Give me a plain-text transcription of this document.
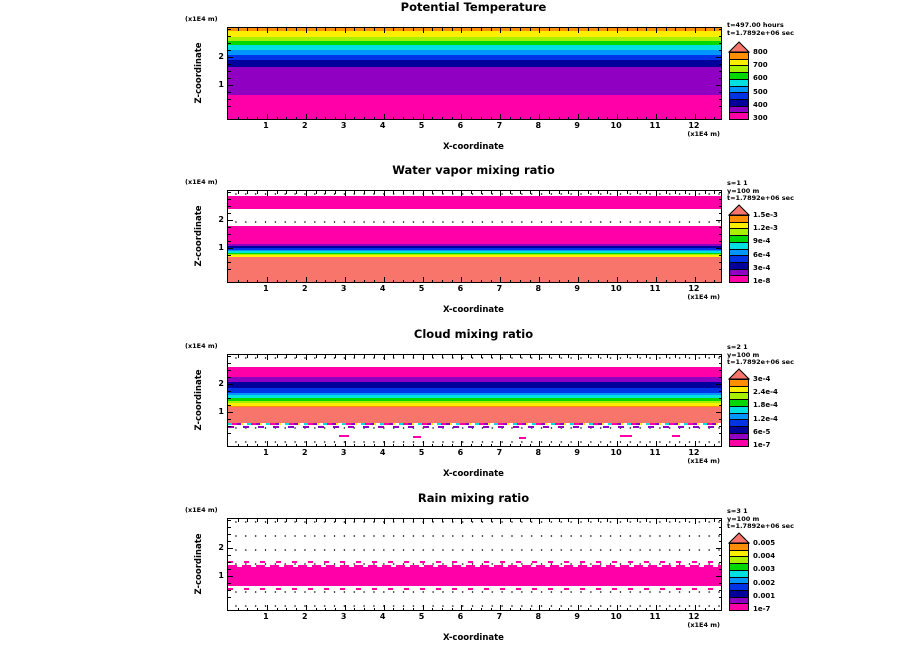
Potential Temperature
(x1E4 m)
Z-coordinate	2
1
1	2	3	4	5	6	7	8	9	10	11	12
(x1E4 m)
X-coordinate
t=497.00 hours
t=1.7892e+06 sec
800
700
600
500
400
300
Water vapor mixing ratio
(x1E4 m)
Z-coordinate	2
1
1	2	3	4	5	6	7	8	9	10	11	12
(x1E4 m)
X-coordinate
s=1 1
y=100 m
t=1.7892e+06 sec
1.5e-3
1.2e-3
9e-4
6e-4
3e-4
1e-8
Cloud mixing ratio
(x1E4 m)
Z-coordinate	2
1
1	2	3	4	5	6	7	8	9	10	11	12
(x1E4 m)
X-coordinate
s=2 1
y=100 m
t=1.7892e+06 sec
3e-4
2.4e-4
1.8e-4
1.2e-4
6e-5
1e-7
Rain mixing ratio
(x1E4 m)
Z-coordinate	2
1
1	2	3	4	5	6	7	8	9	10	11	12
(x1E4 m)
X-coordinate
s=3 1
y=100 m
t=1.7892e+06 sec
0.005
0.004
0.003
0.002
0.001
1e-7
